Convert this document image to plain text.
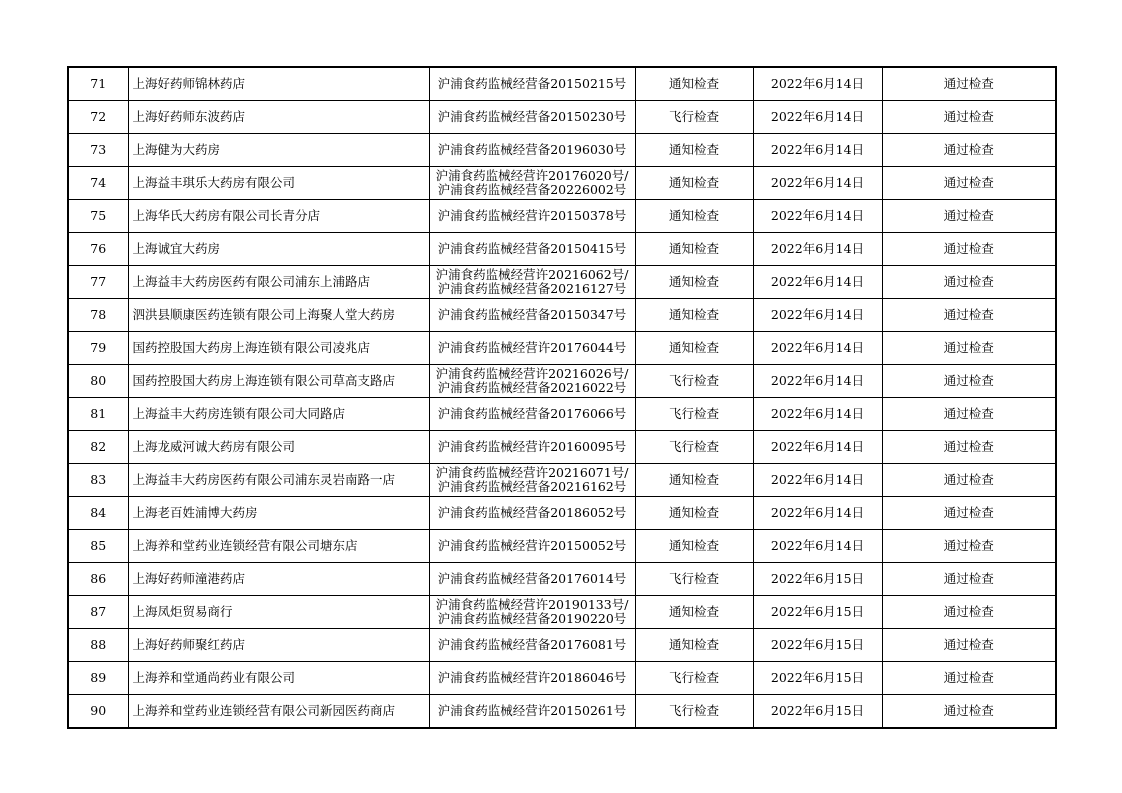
71	上海好药师锦林药店	沪浦食药监械经营备20150215号	通知检查	2022年6月14日	通过检查
72	上海好药师东波药店	沪浦食药监械经营备20150230号	飞行检查	2022年6月14日	通过检查
73	上海健为大药房	沪浦食药监械经营备20196030号	通知检查	2022年6月14日	通过检查
74	上海益丰琪乐大药房有限公司	沪浦食药监械经营许20176020号/
沪浦食药监械经营备20226002号	通知检查	2022年6月14日	通过检查
75	上海华氏大药房有限公司长青分店	沪浦食药监械经营许20150378号	通知检查	2022年6月14日	通过检查
76	上海诚宜大药房	沪浦食药监械经营备20150415号	通知检查	2022年6月14日	通过检查
77	上海益丰大药房医药有限公司浦东上浦路店	沪浦食药监械经营许20216062号/
沪浦食药监械经营备20216127号	通知检查	2022年6月14日	通过检查
78	泗洪县顺康医药连锁有限公司上海聚人堂大药房	沪浦食药监械经营备20150347号	通知检查	2022年6月14日	通过检查
79	国药控股国大药房上海连锁有限公司凌兆店	沪浦食药监械经营许20176044号	通知检查	2022年6月14日	通过检查
80	国药控股国大药房上海连锁有限公司草高支路店	沪浦食药监械经营许20216026号/
沪浦食药监械经营备20216022号	飞行检查	2022年6月14日	通过检查
81	上海益丰大药房连锁有限公司大同路店	沪浦食药监械经营备20176066号	飞行检查	2022年6月14日	通过检查
82	上海龙威河诚大药房有限公司	沪浦食药监械经营许20160095号	飞行检查	2022年6月14日	通过检查
83	上海益丰大药房医药有限公司浦东灵岩南路一店	沪浦食药监械经营许20216071号/
沪浦食药监械经营备20216162号	通知检查	2022年6月14日	通过检查
84	上海老百姓浦博大药房	沪浦食药监械经营备20186052号	通知检查	2022年6月14日	通过检查
85	上海养和堂药业连锁经营有限公司塘东店	沪浦食药监械经营许20150052号	通知检查	2022年6月14日	通过检查
86	上海好药师潼港药店	沪浦食药监械经营备20176014号	飞行检查	2022年6月15日	通过检查
87	上海凤炬贸易商行	沪浦食药监械经营许20190133号/
沪浦食药监械经营备20190220号	通知检查	2022年6月15日	通过检查
88	上海好药师聚红药店	沪浦食药监械经营备20176081号	通知检查	2022年6月15日	通过检查
89	上海养和堂通尚药业有限公司	沪浦食药监械经营许20186046号	飞行检查	2022年6月15日	通过检查
90	上海养和堂药业连锁经营有限公司新园医药商店	沪浦食药监械经营许20150261号	飞行检查	2022年6月15日	通过检查
